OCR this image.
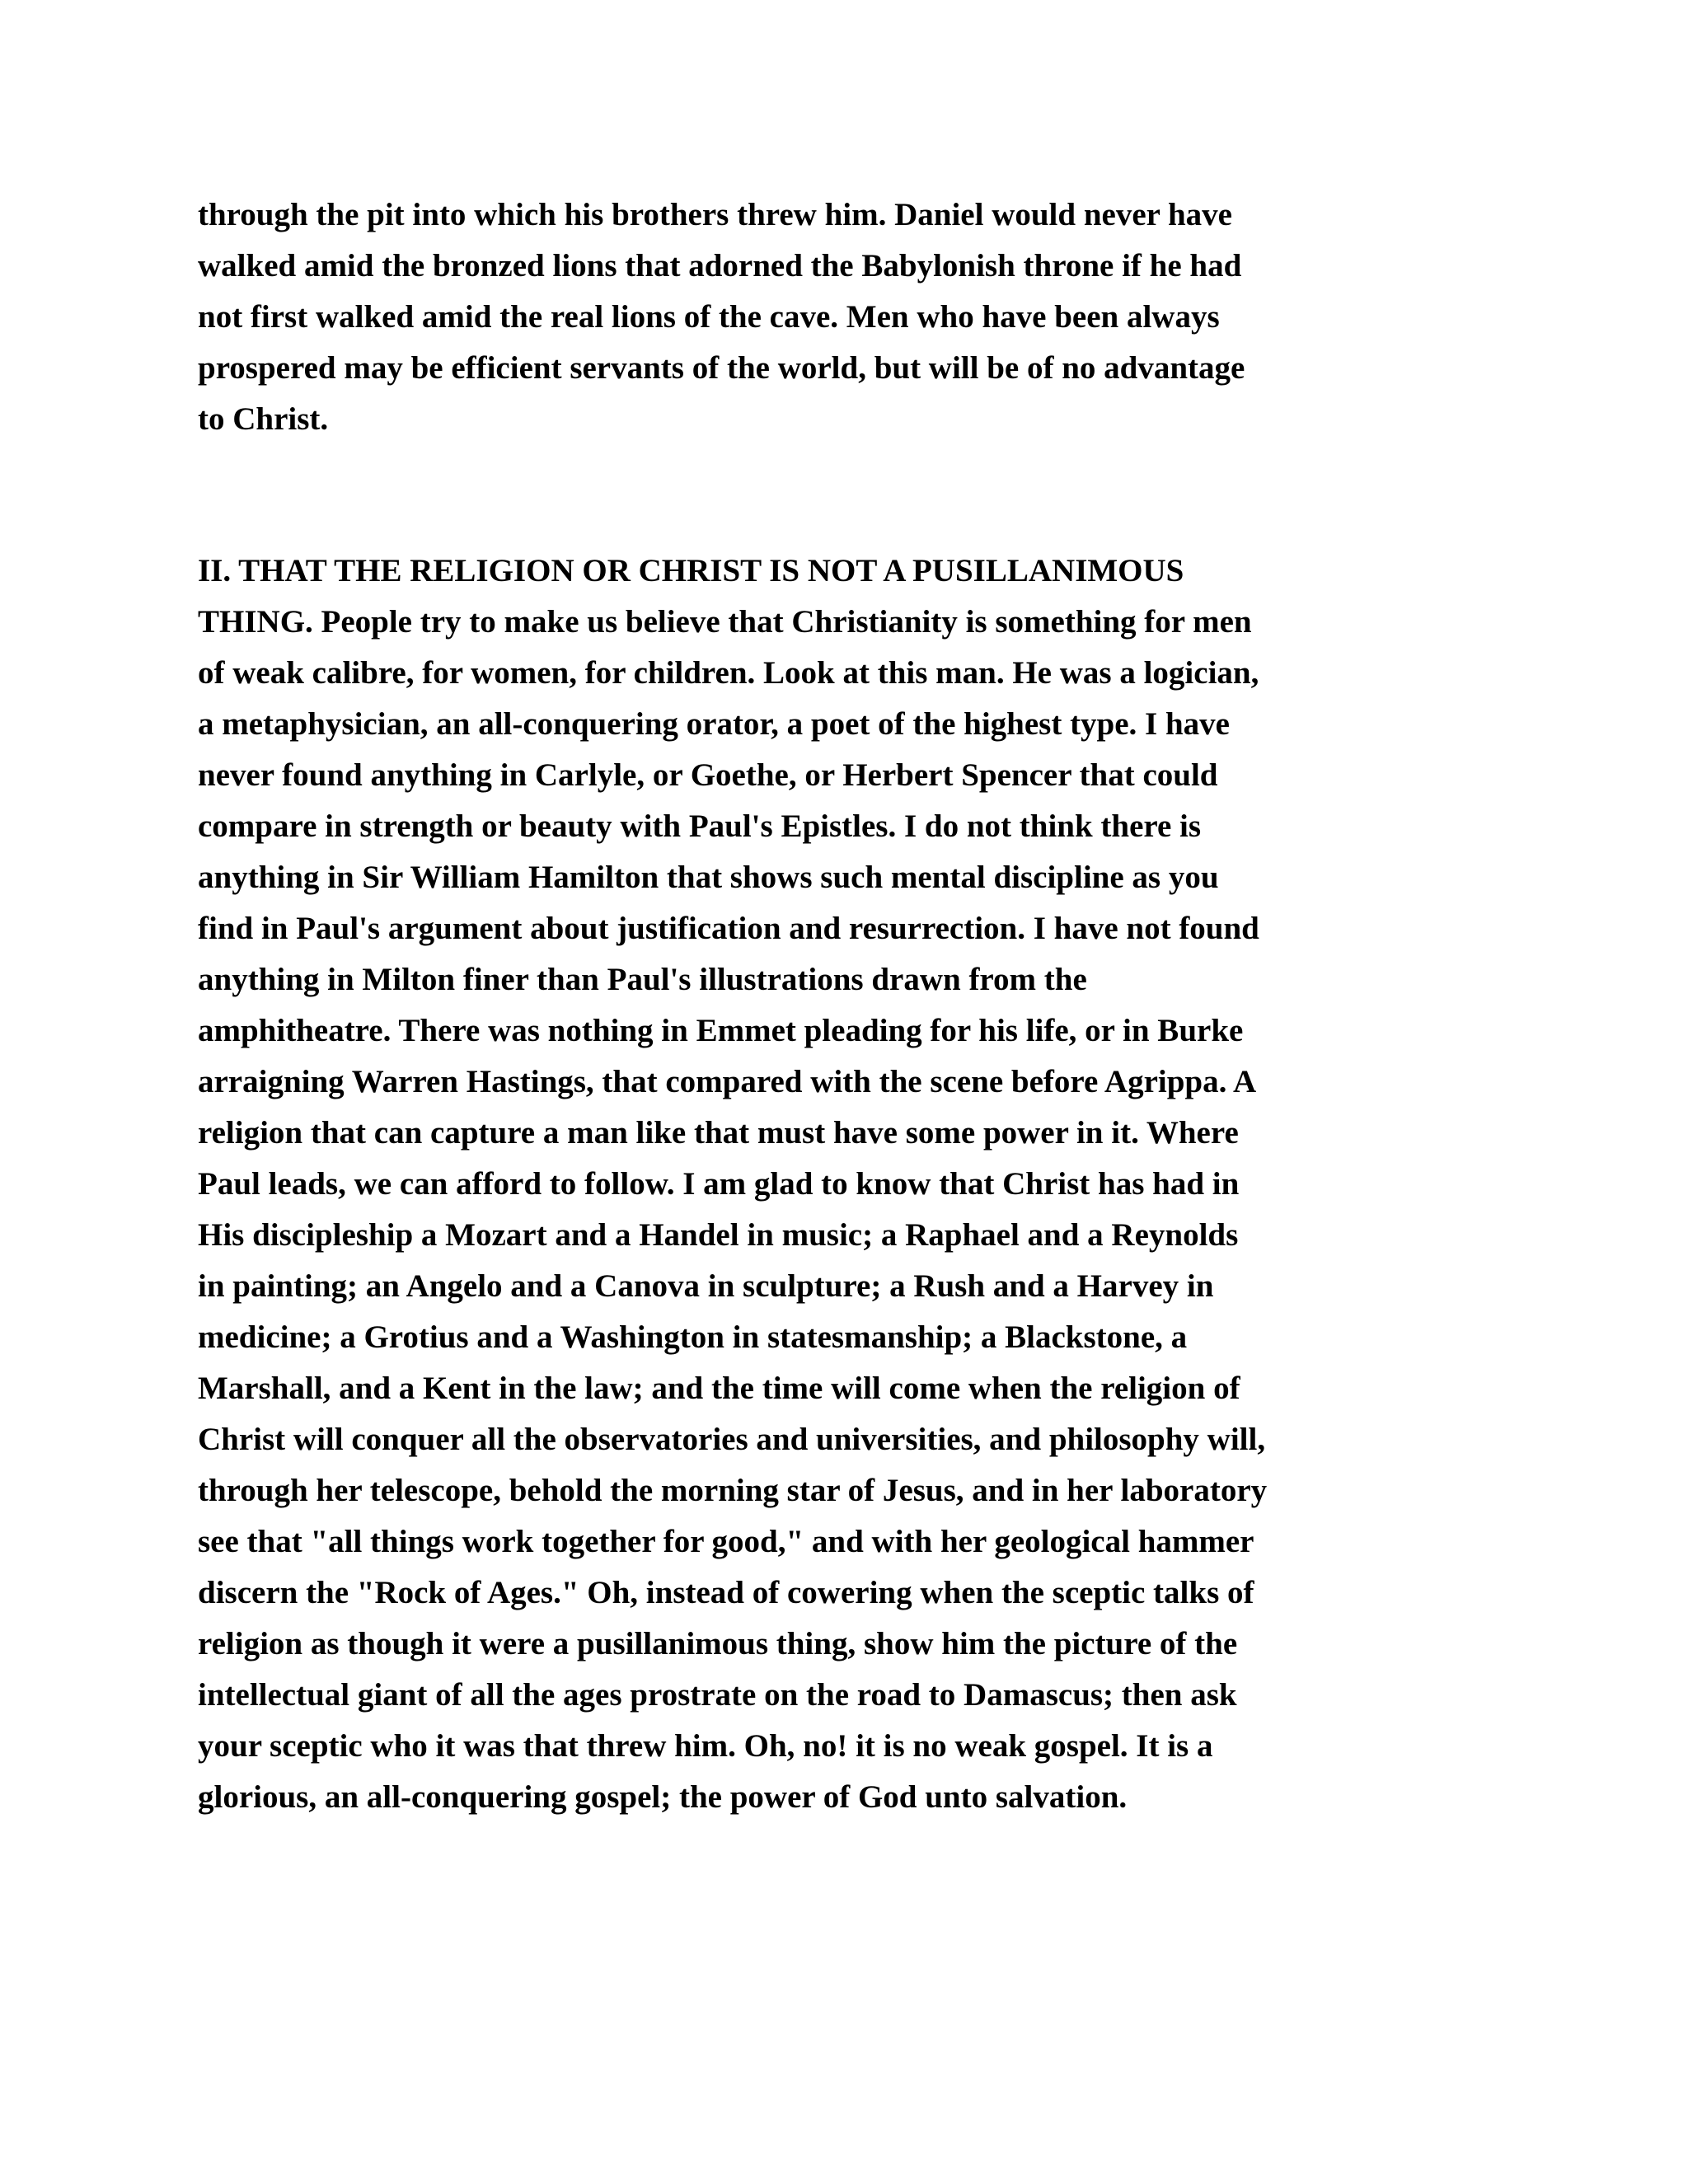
through the pit into which his brothers threw him. Daniel would never have
walked amid the bronzed lions that adorned the Babylonish throne if he had
not first walked amid the real lions of the cave. Men who have been always
prospered may be efficient servants of the world, but will be of no advantage
to Christ.
II. THAT THE RELIGION OR CHRIST IS NOT A PUSILLANIMOUS
THING. People try to make us believe that Christianity is something for men
of weak calibre, for women, for children. Look at this man. He was a logician,
a metaphysician, an all-conquering orator, a poet of the highest type. I have
never found anything in Carlyle, or Goethe, or Herbert Spencer that could
compare in strength or beauty with Paul's Epistles. I do not think there is
anything in Sir William Hamilton that shows such mental discipline as you
find in Paul's argument about justification and resurrection. I have not found
anything in Milton finer than Paul's illustrations drawn from the
amphitheatre. There was nothing in Emmet pleading for his life, or in Burke
arraigning Warren Hastings, that compared with the scene before Agrippa. A
religion that can capture a man like that must have some power in it. Where
Paul leads, we can afford to follow. I am glad to know that Christ has had in
His discipleship a Mozart and a Handel in music; a Raphael and a Reynolds
in painting; an Angelo and a Canova in sculpture; a Rush and a Harvey in
medicine; a Grotius and a Washington in statesmanship; a Blackstone, a
Marshall, and a Kent in the law; and the time will come when the religion of
Christ will conquer all the observatories and universities, and philosophy will,
through her telescope, behold the morning star of Jesus, and in her laboratory
see that "all things work together for good," and with her geological hammer
discern the "Rock of Ages." Oh, instead of cowering when the sceptic talks of
religion as though it were a pusillanimous thing, show him the picture of the
intellectual giant of all the ages prostrate on the road to Damascus; then ask
your sceptic who it was that threw him. Oh, no! it is no weak gospel. It is a
glorious, an all-conquering gospel; the power of God unto salvation.
